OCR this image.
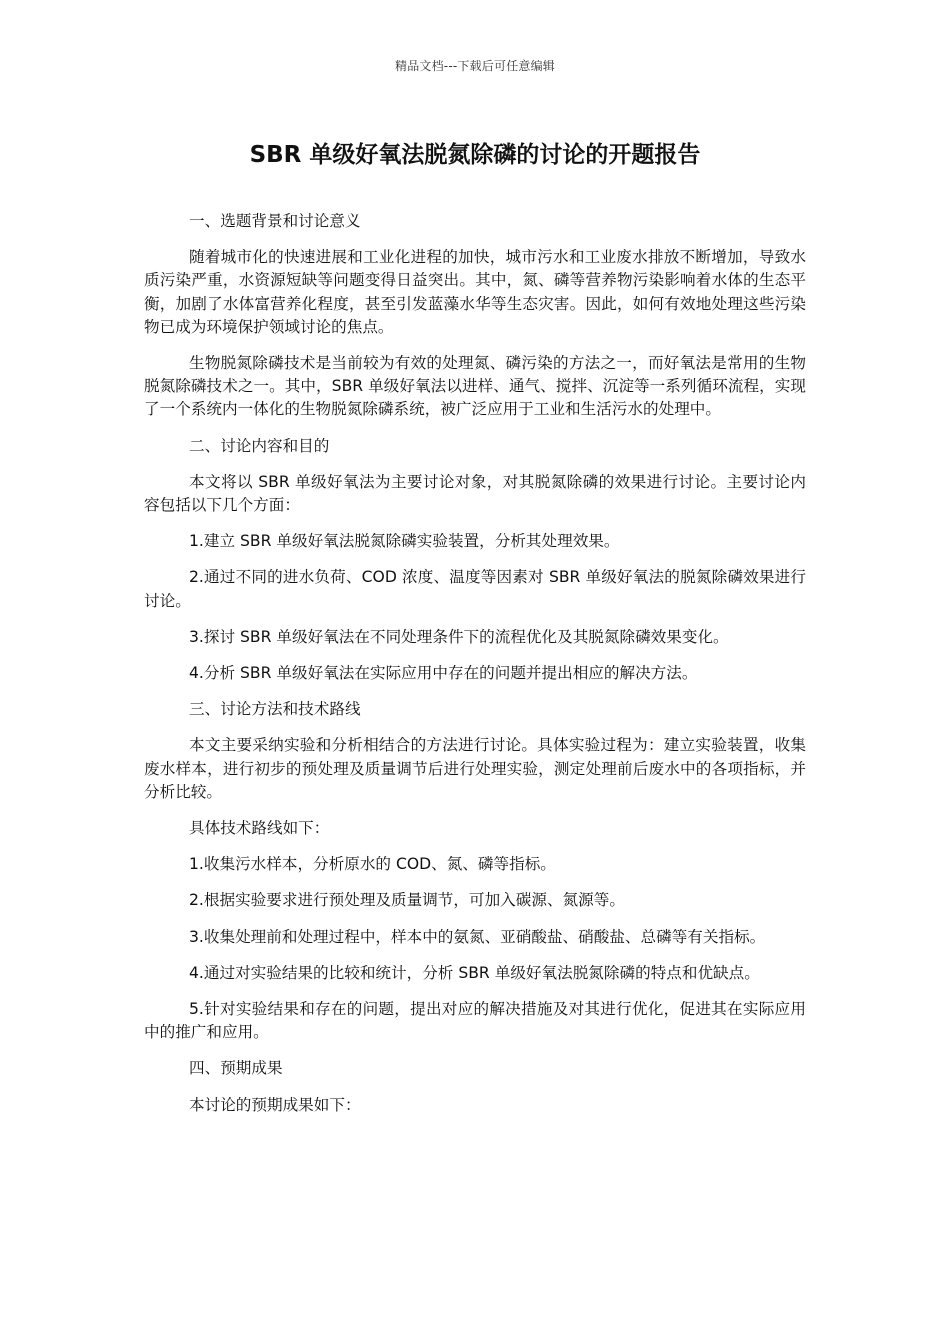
精品文档---下载后可任意编辑
SBR 单级好氧法脱氮除磷的讨论的开题报告

一、选题背景和讨论意义

随着城市化的快速进展和工业化进程的加快，城市污水和工业废水排放不断增加，导致水质污染严重，水资源短缺等问题变得日益突出。其中，氮、磷等营养物污染影响着水体的生态平衡，加剧了水体富营养化程度，甚至引发蓝藻水华等生态灾害。因此，如何有效地处理这些污染物已成为环境保护领域讨论的焦点。

生物脱氮除磷技术是当前较为有效的处理氮、磷污染的方法之一，而好氧法是常用的生物脱氮除磷技术之一。其中，SBR 单级好氧法以进样、通气、搅拌、沉淀等一系列循环流程，实现了一个系统内一体化的生物脱氮除磷系统，被广泛应用于工业和生活污水的处理中。

二、讨论内容和目的

本文将以 SBR 单级好氧法为主要讨论对象，对其脱氮除磷的效果进行讨论。主要讨论内容包括以下几个方面：

1.建立 SBR 单级好氧法脱氮除磷实验装置，分析其处理效果。

2.通过不同的进水负荷、COD 浓度、温度等因素对 SBR 单级好氧法的脱氮除磷效果进行讨论。

3.探讨 SBR 单级好氧法在不同处理条件下的流程优化及其脱氮除磷效果变化。

4.分析 SBR 单级好氧法在实际应用中存在的问题并提出相应的解决方法。

三、讨论方法和技术路线

本文主要采纳实验和分析相结合的方法进行讨论。具体实验过程为：建立实验装置，收集废水样本，进行初步的预处理及质量调节后进行处理实验，测定处理前后废水中的各项指标，并分析比较。

具体技术路线如下：

1.收集污水样本，分析原水的 COD、氮、磷等指标。

2.根据实验要求进行预处理及质量调节，可加入碳源、氮源等。

3.收集处理前和处理过程中，样本中的氨氮、亚硝酸盐、硝酸盐、总磷等有关指标。

4.通过对实验结果的比较和统计，分析 SBR 单级好氧法脱氮除磷的特点和优缺点。

5.针对实验结果和存在的问题，提出对应的解决措施及对其进行优化，促进其在实际应用中的推广和应用。

四、预期成果

本讨论的预期成果如下：
